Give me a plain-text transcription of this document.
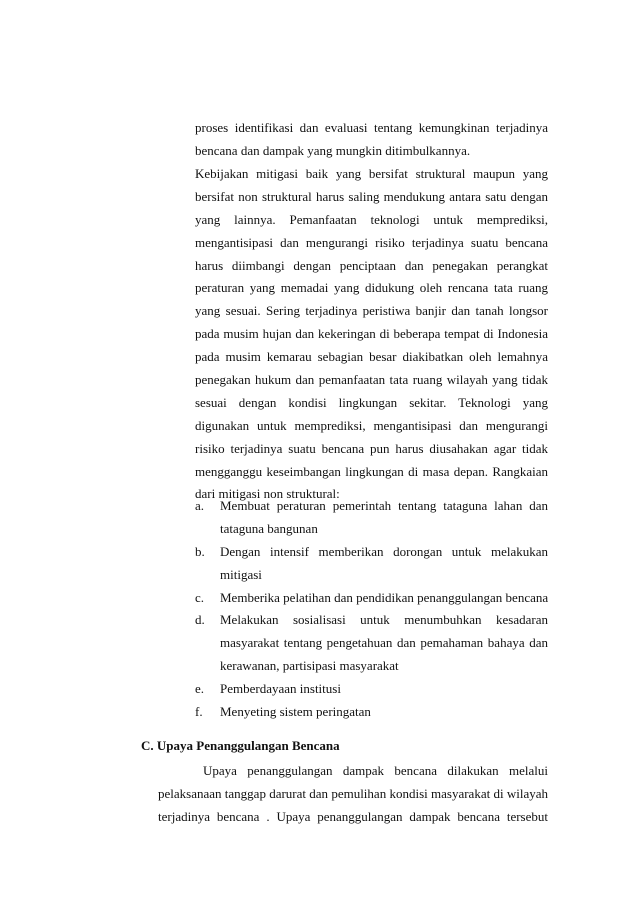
proses identifikasi dan evaluasi tentang kemungkinan terjadinya
bencana dan dampak yang mungkin ditimbulkannya.
Kebijakan mitigasi baik yang bersifat struktural maupun yang
bersifat non struktural harus saling mendukung antara satu dengan
yang lainnya. Pemanfaatan teknologi untuk memprediksi,
mengantisipasi dan mengurangi risiko terjadinya suatu bencana
harus diimbangi dengan penciptaan dan penegakan perangkat
peraturan yang memadai yang didukung oleh rencana tata ruang
yang sesuai. Sering terjadinya peristiwa banjir dan tanah longsor
pada musim hujan dan kekeringan di beberapa tempat di Indonesia
pada musim kemarau sebagian besar diakibatkan oleh lemahnya
penegakan hukum dan pemanfaatan tata ruang wilayah yang tidak
sesuai dengan kondisi lingkungan sekitar. Teknologi yang
digunakan untuk memprediksi, mengantisipasi dan mengurangi
risiko terjadinya suatu bencana pun harus diusahakan agar tidak
mengganggu keseimbangan lingkungan di masa depan. Rangkaian
dari mitigasi non struktural:
a. Membuat peraturan pemerintah tentang tataguna lahan dan
tataguna bangunan
b. Dengan intensif memberikan dorongan untuk melakukan
mitigasi
c. Memberika pelatihan dan pendidikan penanggulangan bencana
d. Melakukan sosialisasi untuk menumbuhkan kesadaran
masyarakat tentang pengetahuan dan pemahaman bahaya dan
kerawanan, partisipasi masyarakat
e. Pemberdayaan institusi
f. Menyeting sistem peringatan
C. Upaya Penanggulangan Bencana
Upaya penanggulangan dampak bencana dilakukan melalui
pelaksanaan tanggap darurat dan pemulihan kondisi masyarakat di wilayah
terjadinya bencana . Upaya penanggulangan dampak bencana tersebut
